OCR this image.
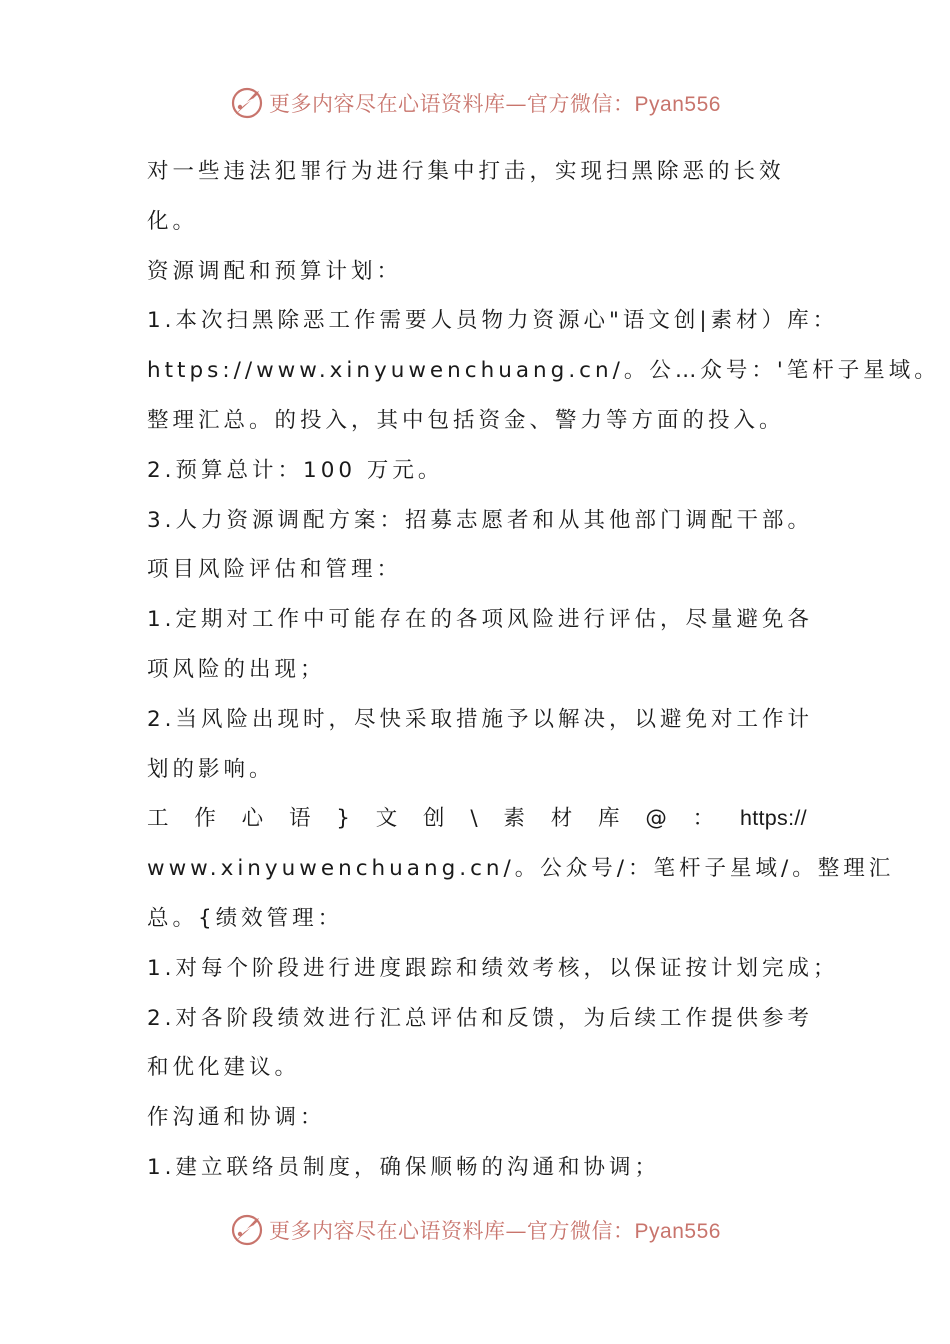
更多内容尽在心语资料库—官方微信：Pyan556
对一些违法犯罪行为进行集中打击，实现扫黑除恶的长效
化。
资源调配和预算计划：
1.本次扫黑除恶工作需要人员物力资源心"语文创|素材）库：
https://www.xinyuwenchuang.cn/。公…众号：'笔杆子星域。
整理汇总。的投入，其中包括资金、警力等方面的投入。
2.预算总计：100 万元。
3.人力资源调配方案：招募志愿者和从其他部门调配干部。
项目风险评估和管理：
1.定期对工作中可能存在的各项风险进行评估，尽量避免各
项风险的出现；
2.当风险出现时，尽快采取措施予以解决，以避免对工作计
划的影响。
工 作 心 语 } 文 创 \ 素 材 库 @ ： https://
www.xinyuwenchuang.cn/。公众号/：笔杆子星域/。整理汇
总。{绩效管理：
1.对每个阶段进行进度跟踪和绩效考核，以保证按计划完成；
2.对各阶段绩效进行汇总评估和反馈，为后续工作提供参考
和优化建议。
作沟通和协调：
1.建立联络员制度，确保顺畅的沟通和协调；
更多内容尽在心语资料库—官方微信：Pyan556
